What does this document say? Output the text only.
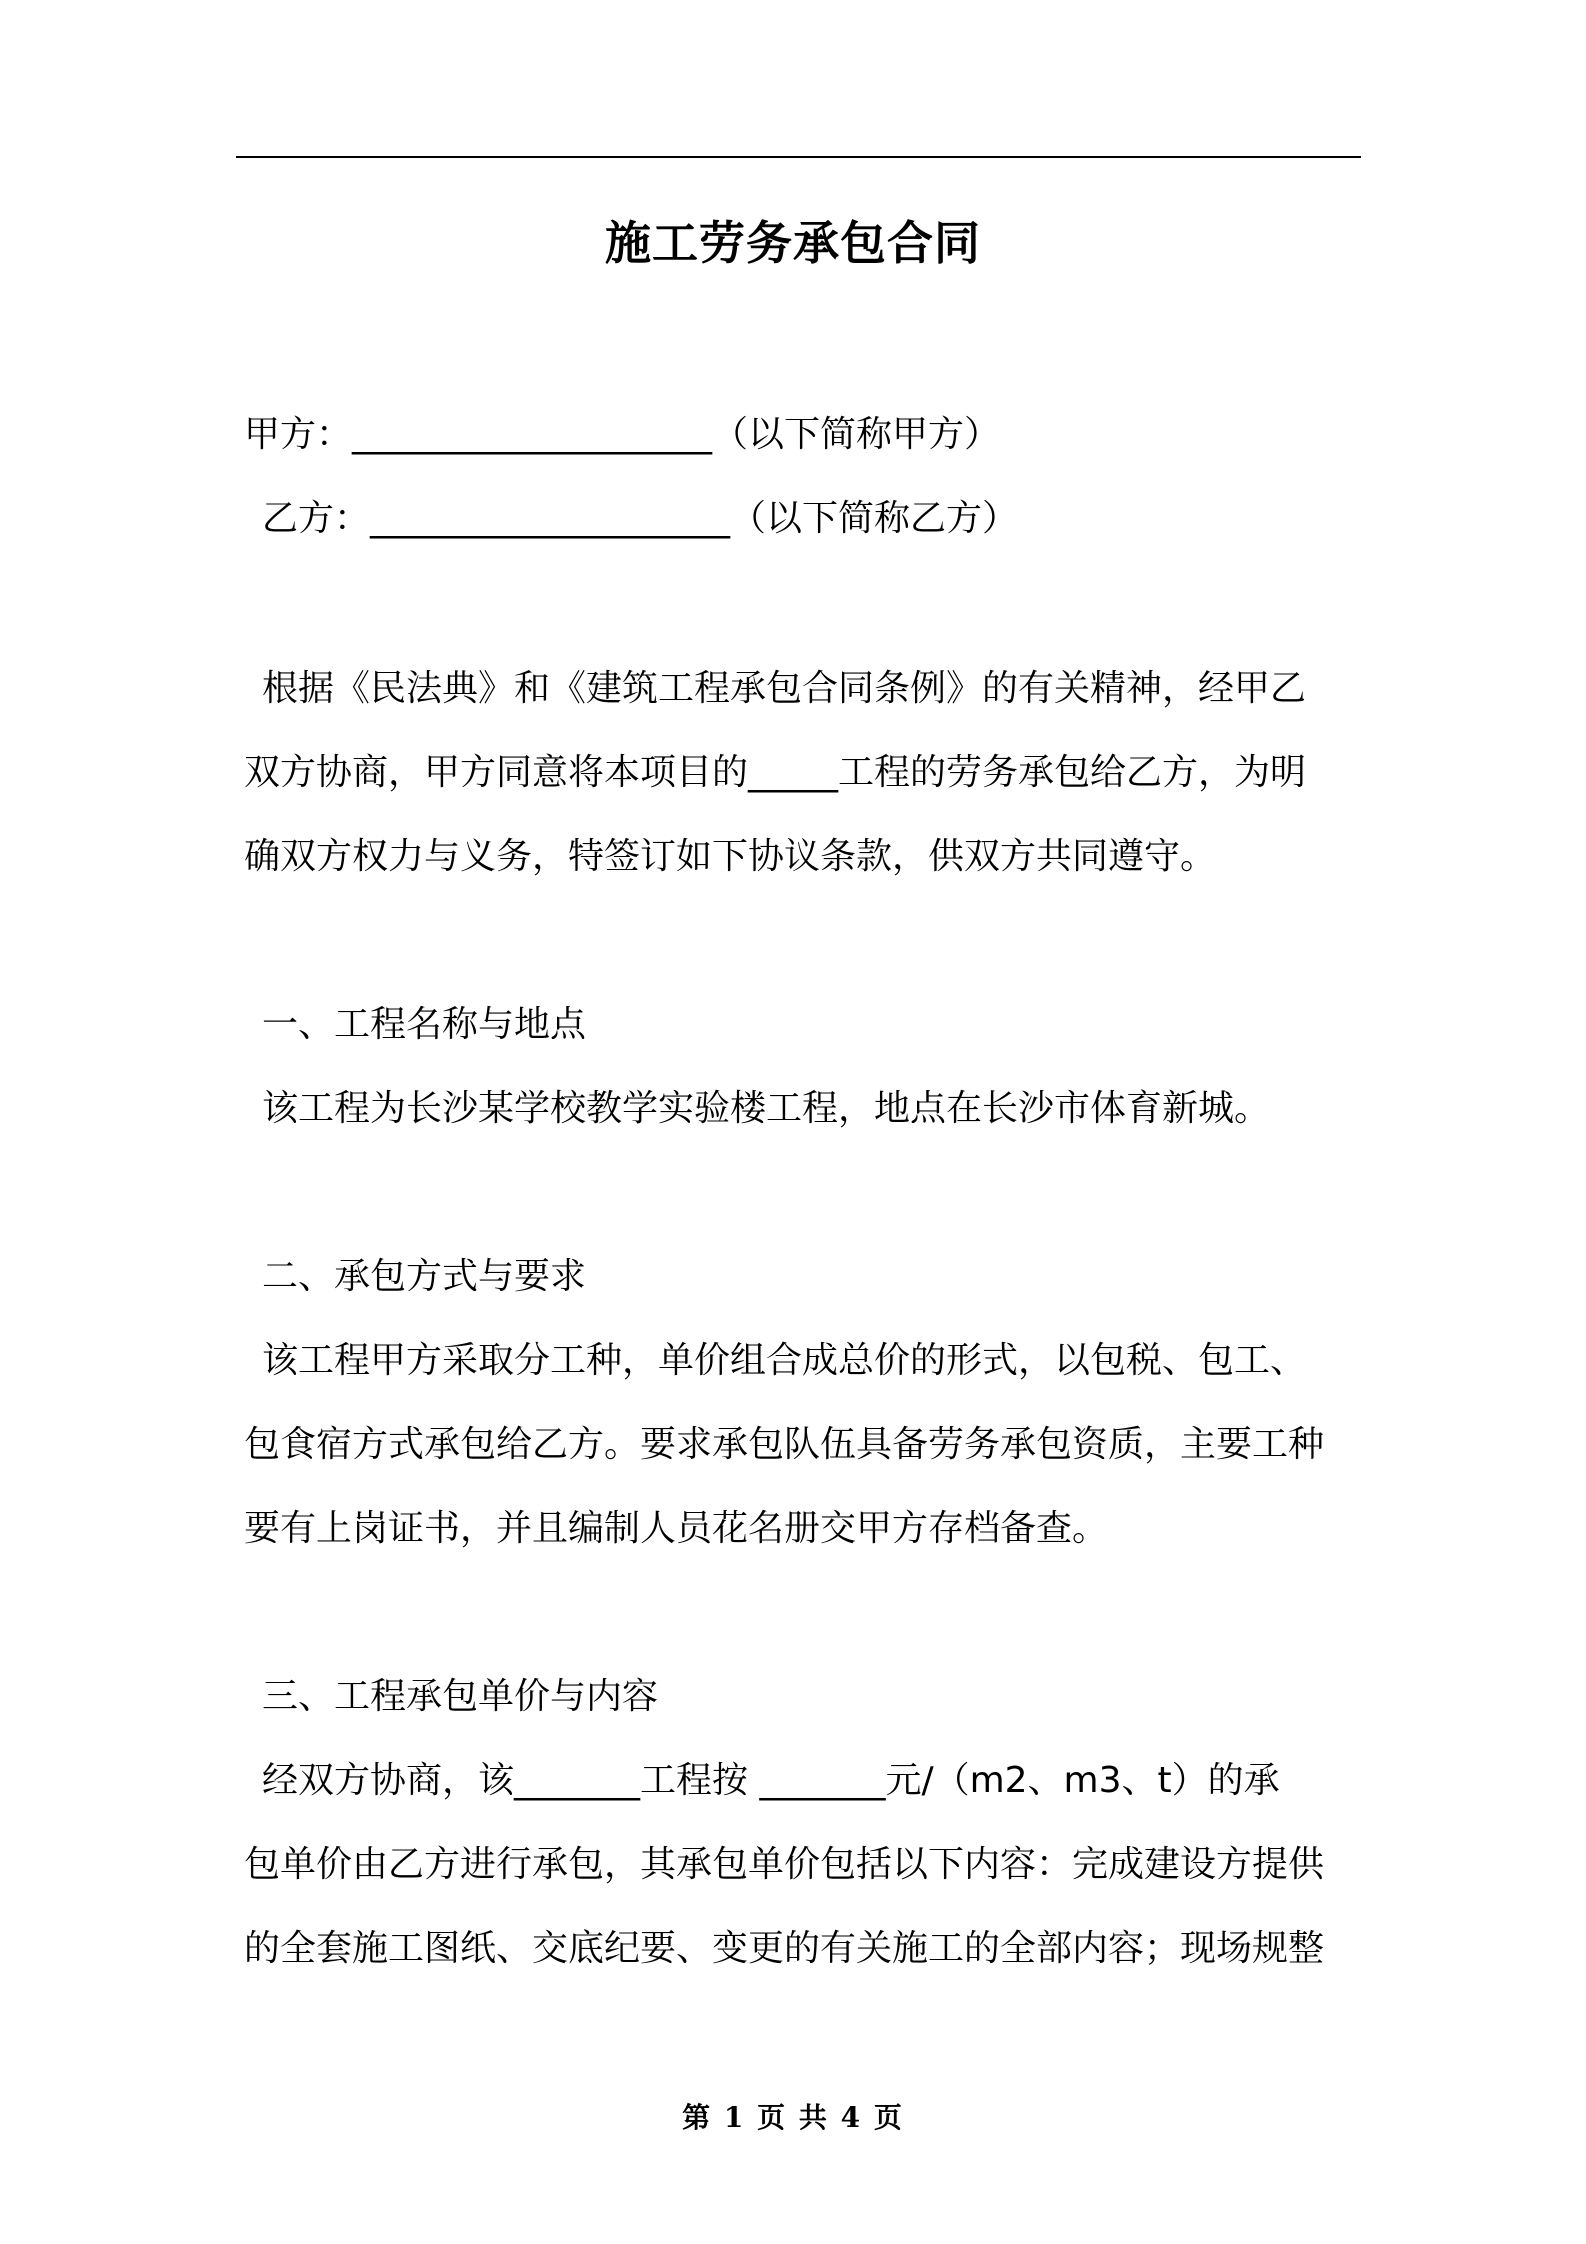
施工劳务承包合同
甲方：____________________（以下简称甲方）
乙方：____________________（以下简称乙方）
根据《民法典》和《建筑工程承包合同条例》的有关精神，经甲乙
双方协商，甲方同意将本项目的_____工程的劳务承包给乙方，为明
确双方权力与义务，特签订如下协议条款，供双方共同遵守。
一、工程名称与地点
该工程为长沙某学校教学实验楼工程，地点在长沙市体育新城。
二、承包方式与要求
该工程甲方采取分工种，单价组合成总价的形式，以包税、包工、
包食宿方式承包给乙方。要求承包队伍具备劳务承包资质，主要工种
要有上岗证书，并且编制人员花名册交甲方存档备查。
三、工程承包单价与内容
经双方协商，该_______工程按 _______元/（m2、m3、t）的承
包单价由乙方进行承包，其承包单价包括以下内容：完成建设方提供
的全套施工图纸、交底纪要、变更的有关施工的全部内容；现场规整
第 1 页 共 4 页
